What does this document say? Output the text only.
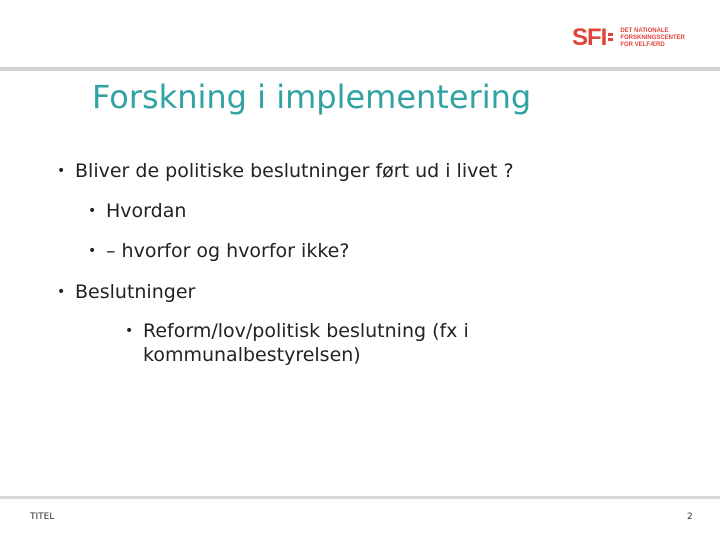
SFI DET NATIONALE
FORSKNINGSCENTER
FOR VELFÆRD
Forskning i implementering
• Bliver de politiske beslutninger ført ud i livet ?
• Hvordan
• – hvorfor og hvorfor ikke?
• Beslutninger
• Reform/lov/politisk beslutning (fx i
kommunalbestyrelsen)
TITEL	2
